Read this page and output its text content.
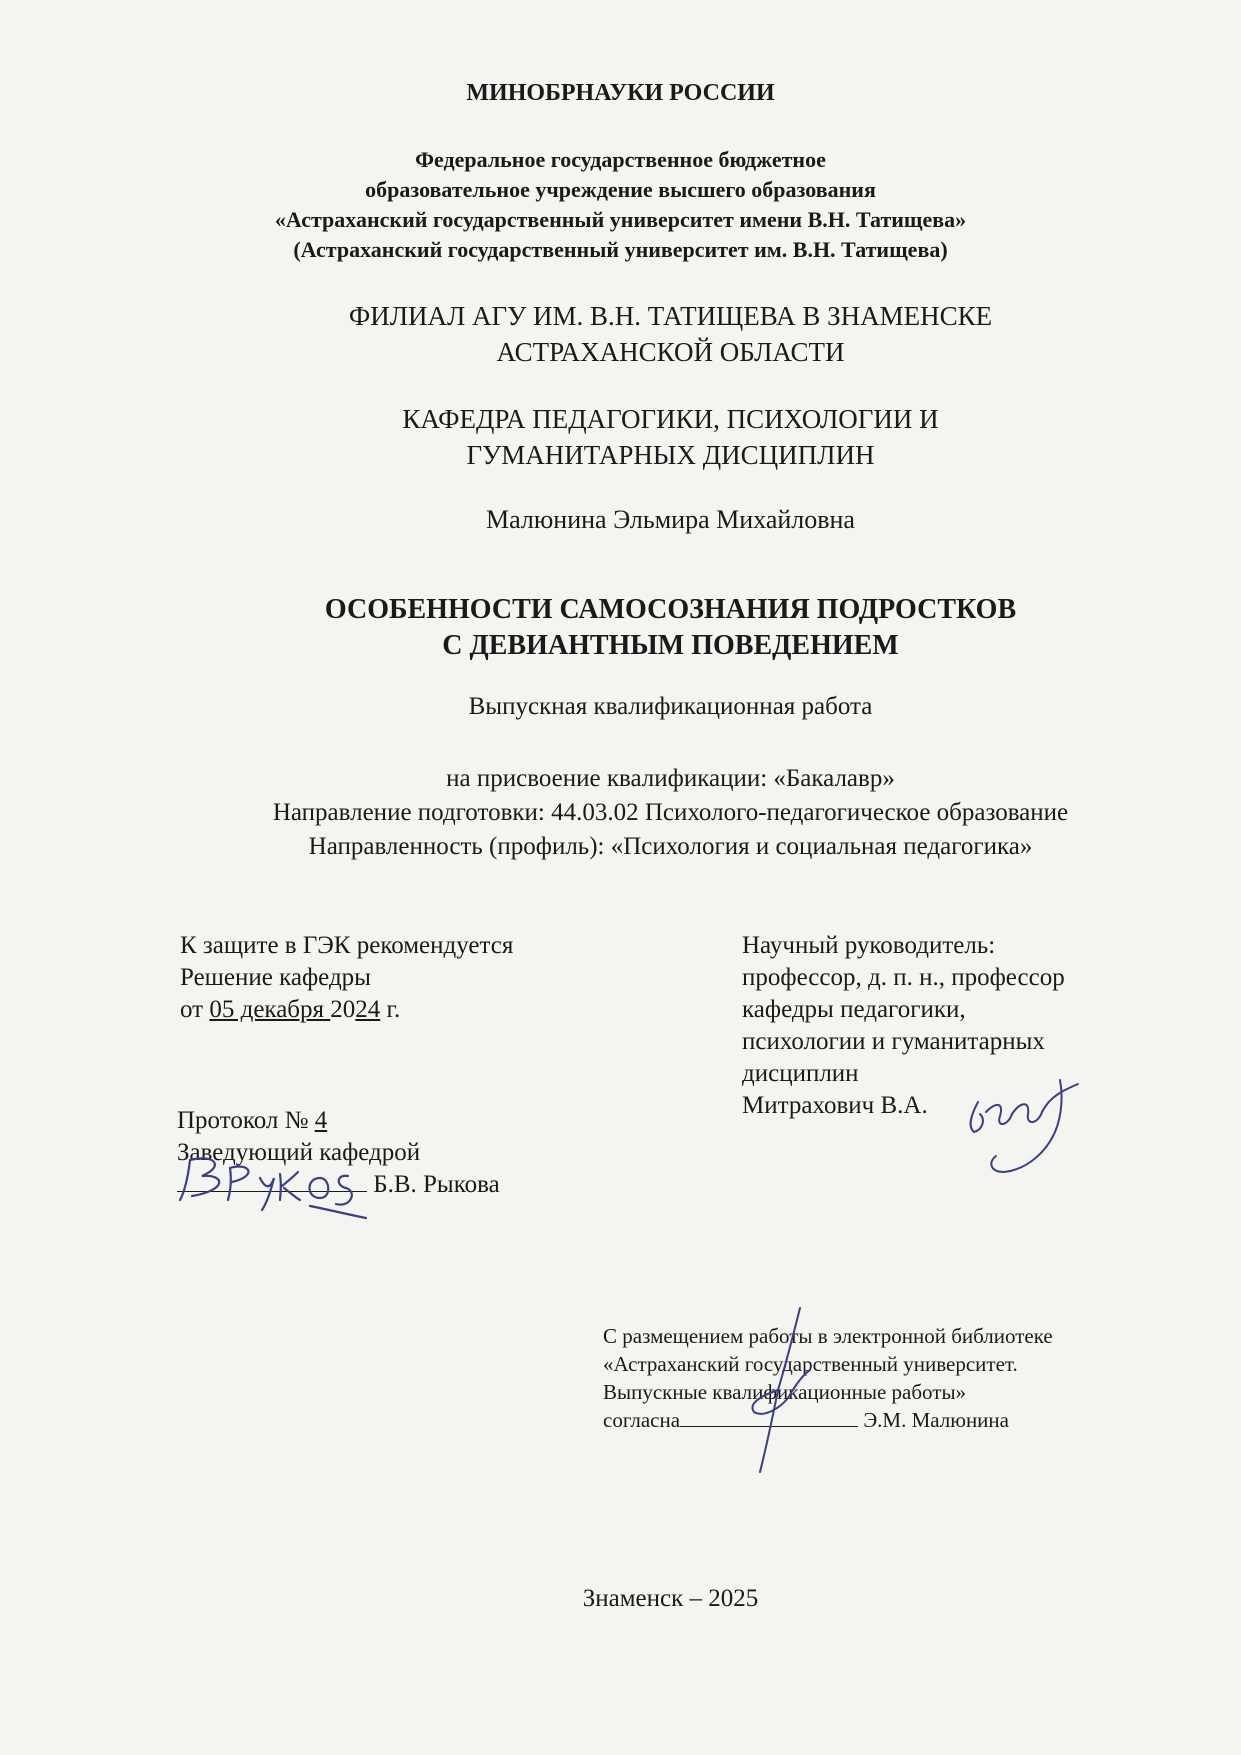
МИНОБРНАУКИ РОССИИ
Федеральное государственное бюджетное
образовательное учреждение высшего образования
«Астраханский государственный университет имени В.Н. Татищева»
(Астраханский государственный университет им. В.Н. Татищева)
ФИЛИАЛ АГУ ИМ. В.Н. ТАТИЩЕВА В ЗНАМЕНСКЕ
АСТРАХАНСКОЙ ОБЛАСТИ
КАФЕДРА ПЕДАГОГИКИ, ПСИХОЛОГИИ И
ГУМАНИТАРНЫХ ДИСЦИПЛИН
Малюнина Эльмира Михайловна
ОСОБЕННОСТИ САМОСОЗНАНИЯ ПОДРОСТКОВ
С ДЕВИАНТНЫМ ПОВЕДЕНИЕМ
Выпускная квалификационная работа
на присвоение квалификации: «Бакалавр»
Направление подготовки: 44.03.02 Психолого-педагогическое образование
Направленность (профиль): «Психология и социальная педагогика»
К защите в ГЭК рекомендуется
Решение кафедры
от 05 декабря 2024 г.
Протокол № 4
Заведующий кафедрой
Б.В. Рыкова
Научный руководитель:
профессор, д. п. н., профессор
кафедры педагогики,
психологии и гуманитарных
дисциплин
Митрахович В.А.
С размещением работы в электронной библиотеке
«Астраханский государственный университет.
Выпускные квалификационные работы»
согласна	Э.М. Малюнина
Знаменск – 2025
